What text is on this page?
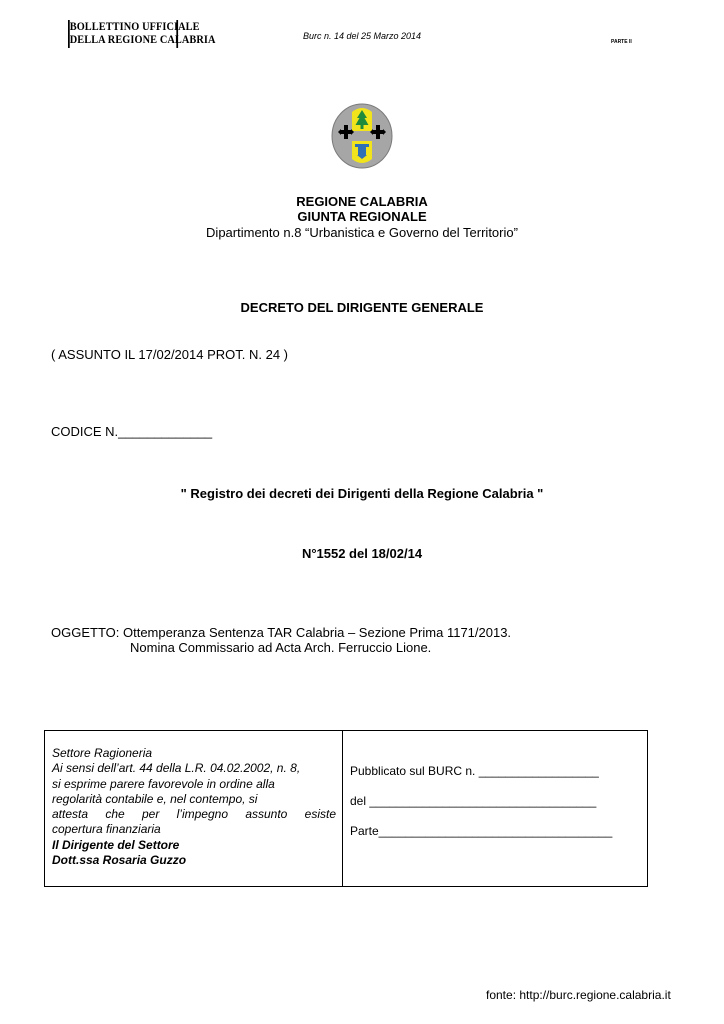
BOLLETTINO UFFICIALE
DELLA REGIONE CALABRIA	Burc n. 14 del 25 Marzo 2014
PARTE II
REGIONE CALABRIA
GIUNTA REGIONALE
Dipartimento n.8 “Urbanistica e Governo del Territorio”
DECRETO DEL DIRIGENTE GENERALE
( ASSUNTO IL 17/02/2014 PROT. N. 24 )
CODICE N._____________
" Registro dei decreti dei Dirigenti della Regione Calabria "
N°1552 del 18/02/14
OGGETTO: Ottemperanza Sentenza TAR Calabria – Sezione Prima 1171/2013.
Nomina Commissario ad Acta Arch. Ferruccio Lione.
Settore Ragioneria
Ai sensi dell’art. 44 della L.R. 04.02.2002, n. 8,
si esprime parere favorevole in ordine alla
regolarità contabile e, nel contempo, si
attesta che per l’impegno assunto esiste
copertura finanziaria
Il Dirigente del Settore
Dott.ssa Rosaria Guzzo
Pubblicato sul BURC n. __________________
del __________________________________
Parte___________________________________
fonte: http://burc.regione.calabria.it
